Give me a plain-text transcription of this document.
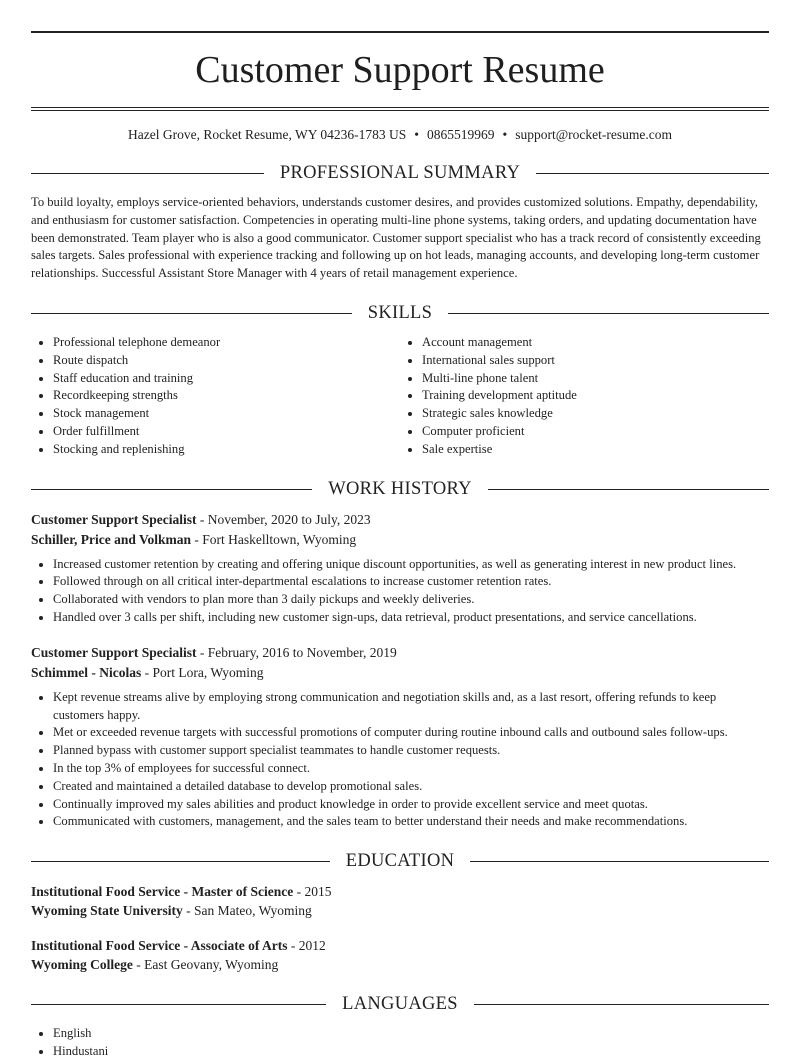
Customer Support Resume
Hazel Grove, Rocket Resume, WY 04236-1783 US • 0865519969 • support@rocket-resume.com
PROFESSIONAL SUMMARY

To build loyalty, employs service-oriented behaviors, understands customer desires, and provides customized solutions. Empathy, dependability, and enthusiasm for customer satisfaction. Competencies in operating multi-line phone systems, taking orders, and updating documentation have been demonstrated. Team player who is also a good communicator. Customer support specialist who has a track record of consistently exceeding sales targets. Sales professional with experience tracking and following up on hot leads, managing accounts, and developing long-term customer relationships. Successful Assistant Store Manager with 4 years of retail management experience.

SKILLS
• Professional telephone demeanor
• Route dispatch
• Staff education and training
• Recordkeeping strengths
• Stock management
• Order fulfillment
• Stocking and replenishing
• Account management
• International sales support
• Multi-line phone talent
• Training development aptitude
• Strategic sales knowledge
• Computer proficient
• Sale expertise
WORK HISTORY
Customer Support Specialist - November, 2020 to July, 2023
Schiller, Price and Volkman - Fort Haskelltown, Wyoming
• Increased customer retention by creating and offering unique discount opportunities, as well as generating interest in new product lines.
• Followed through on all critical inter-departmental escalations to increase customer retention rates.
• Collaborated with vendors to plan more than 3 daily pickups and weekly deliveries.
• Handled over 3 calls per shift, including new customer sign-ups, data retrieval, product presentations, and service cancellations.
Customer Support Specialist - February, 2016 to November, 2019
Schimmel - Nicolas - Port Lora, Wyoming
• Kept revenue streams alive by employing strong communication and negotiation skills and, as a last resort, offering refunds to keep customers happy.
• Met or exceeded revenue targets with successful promotions of computer during routine inbound calls and outbound sales follow-ups.
• Planned bypass with customer support specialist teammates to handle customer requests.
• In the top 3% of employees for successful connect.
• Created and maintained a detailed database to develop promotional sales.
• Continually improved my sales abilities and product knowledge in order to provide excellent service and meet quotas.
• Communicated with customers, management, and the sales team to better understand their needs and make recommendations.
EDUCATION
Institutional Food Service - Master of Science - 2015
Wyoming State University - San Mateo, Wyoming
Institutional Food Service - Associate of Arts - 2012
Wyoming College - East Geovany, Wyoming
LANGUAGES
• English
• Hindustani
